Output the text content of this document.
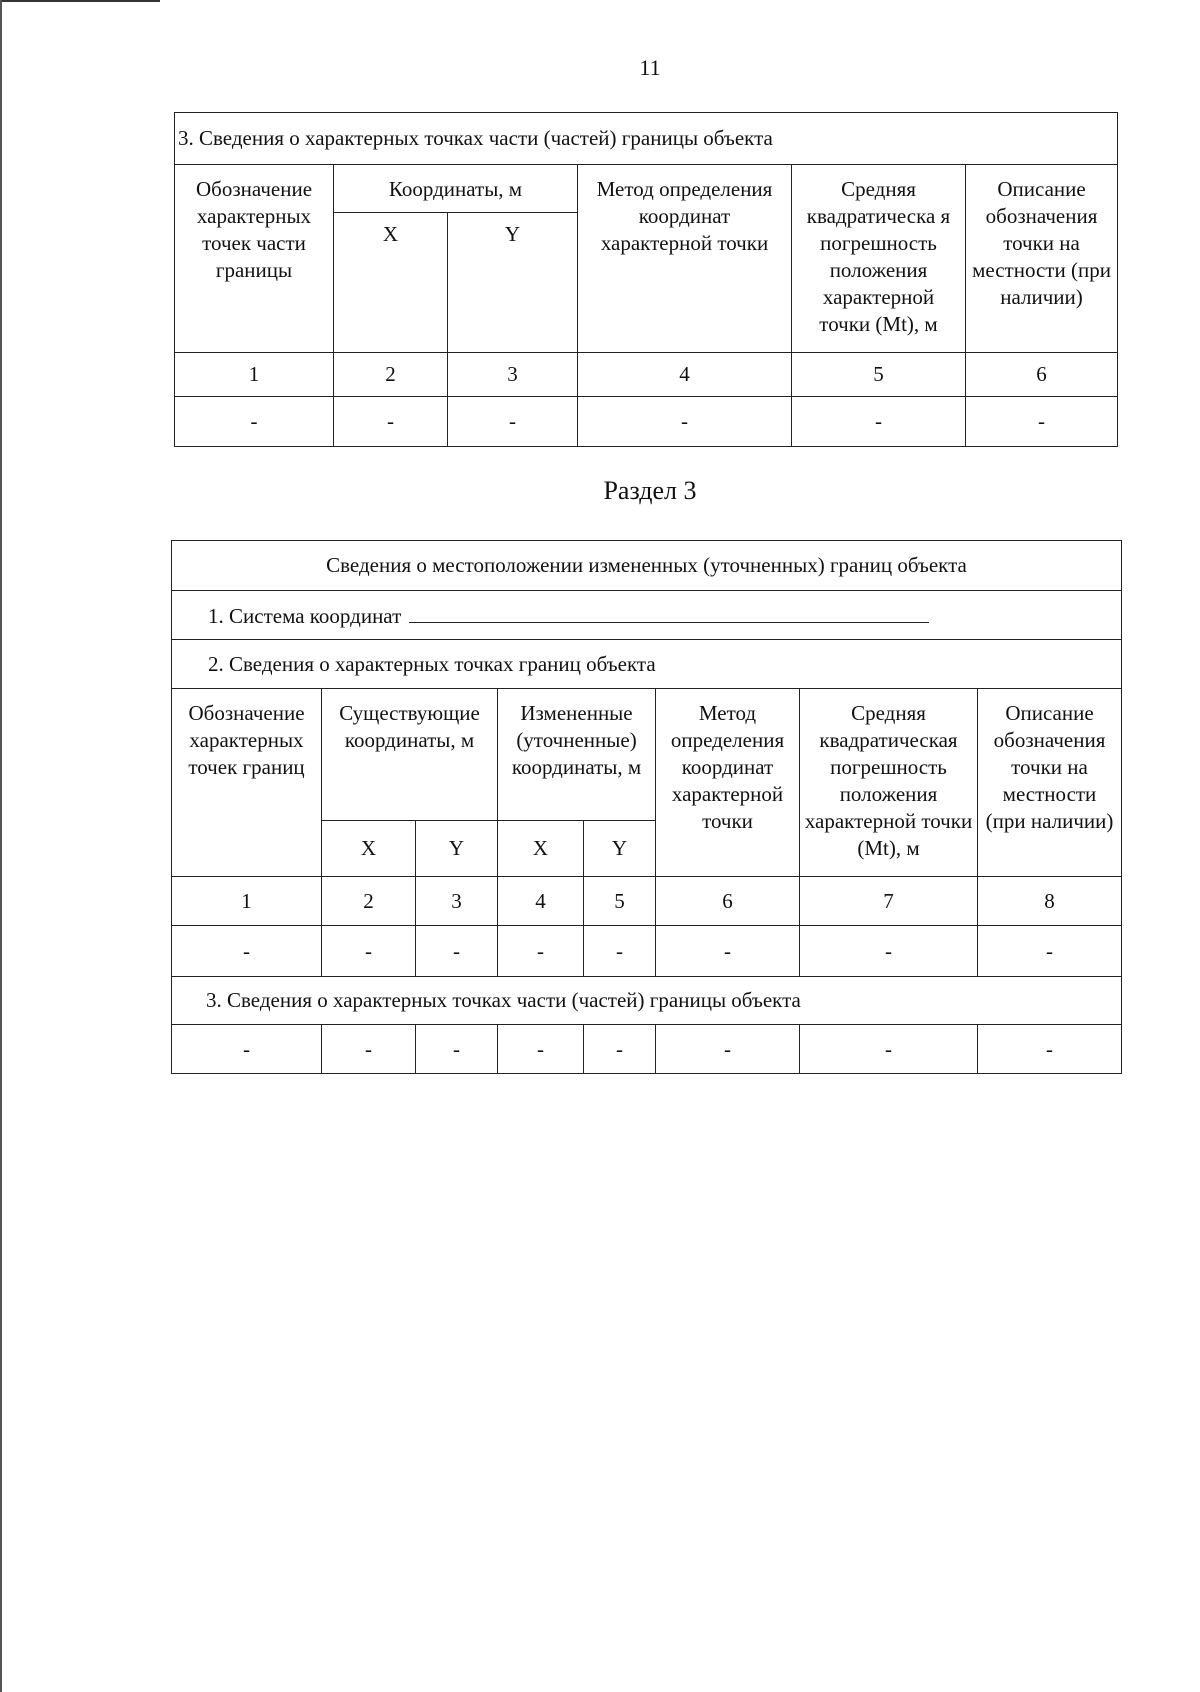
11
3. Сведения о характерных точках части (частей) границы объекта					
Обозначение характерных точек части границы	Координаты, м		Метод определения координат характерной точки	Средняя квадратическа я погрешность положения характерной точки (Mt), м	Описание обозначения точки на местности (при наличии)
	X	Y			
1	2	3	4	5	6
-	-	-	-	-	-
Раздел 3
Сведения о местоположении измененных (уточненных) границ объекта							
1. Система координат							
2. Сведения о характерных точках границ объекта							
Обозначение характерных точек границ	Существующие координаты, м		Измененные (уточненные) координаты, м		Метод определения координат характерной точки	Средняя квадратическая погрешность положения характерной точки (Mt), м	Описание обозначения точки на местности (при наличии)
	X	Y	X	Y			
1	2	3	4	5	6	7	8
-	-	-	-	-	-	-	-
3. Сведения о характерных точках части (частей) границы объекта							
-	-	-	-	-	-	-	-
